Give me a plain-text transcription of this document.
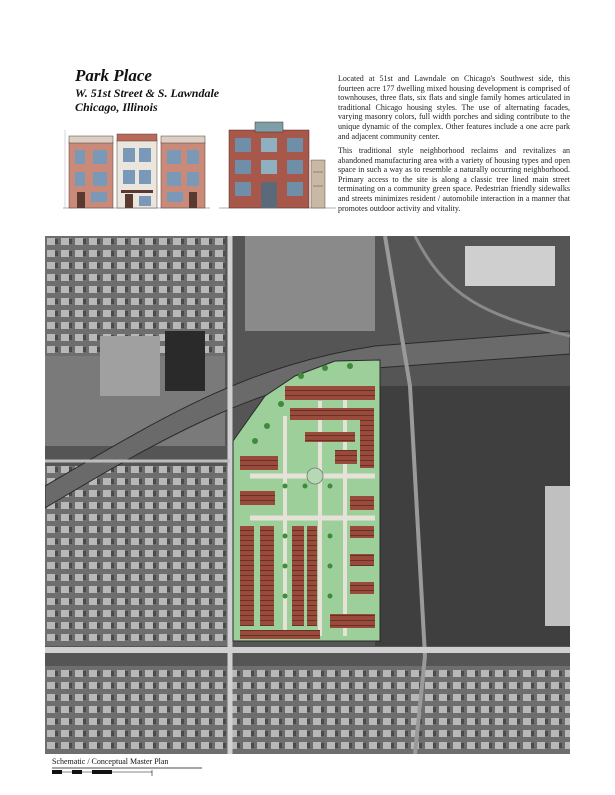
Park Place
W. 51st Street & S. Lawndale
Chicago, Illinois

Located at 51st and Lawndale on Chicago's Southwest side, this fourteen acre 177 dwelling mixed housing development is comprised of townhouses, three flats, six flats and single family homes articulated in traditional Chicago housing styles. The use of alternating facades, varying masonry colors, full width porches and siding contribute to the unique dynamic of the complex. Other features include a one acre park and adjacent community center.

This traditional style neighborhood reclaims and revitalizes an abandoned manufacturing area with a variety of housing types and open space in such a way as to resemble a naturally occurring neighborhood. Primary access to the site is along a classic tree lined main street terminating on a community green space. Pedestrian friendly sidewalks and streets minimizes resident / automobile interaction in a manner that promotes outdoor activity and vitality.

Schematic / Conceptual Master Plan
